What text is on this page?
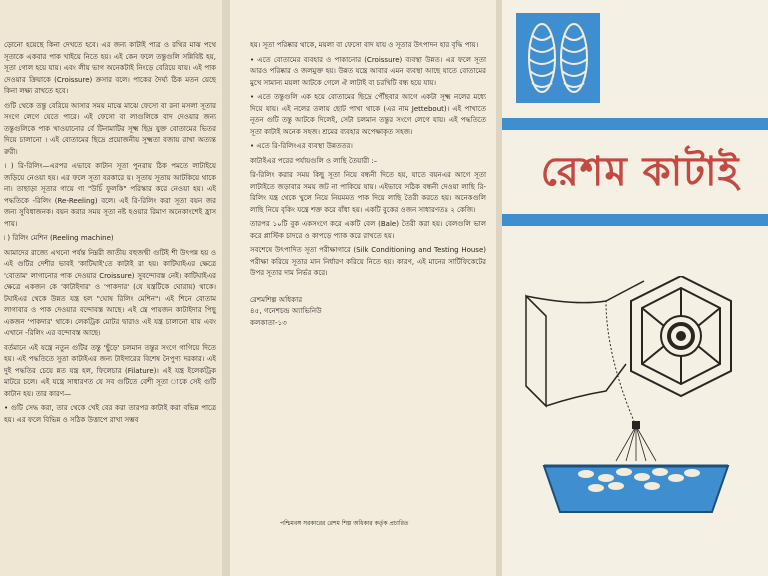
ড়োনো হয়েছে কিনা দেখতে হবে। এর জন্য কাটাই পাত্র ও রথির মাঝ পথে সূতাকে একবার পাক খাইয়ে নিতে হয়। এই কেন ফলে তন্তুগুলি সন্নিবিষ্ট হয়, সূতা গোল হয়ে যায়। এবং লীয় ভাগ অনেকটাই নিংড়ে বেরিয়ে যায়। এই পাক দেওয়ার ক্রিয়াকে (Croissure) ক্রসার বলে। পাকের দৈর্ঘ্য ঠিক মতন য়েছে কিনা লক্ষ্য রাখতে হবে।

গুটি থেকে তন্তু বেরিয়ে আসার সময় মাঝে মাঝে ফেসো বা রনা মসলা সূতার সংগে লেগে যেতে পারে। এই ফেসো বা লাগুলিকে বাদ দেওয়ার জন্য তন্তুগুলিকে পাক খাওয়ানোর র্বে টিনামাটির সূক্ষ্ম ছিদ্র যুক্ত বোতামের ভিতর দিয়ে চালানো । এই বোতামের ছিদ্রে প্রয়োজনীয় সূক্ষ্মতা বজায় রাখা অত্যন্ত রুরী।

। ) রি-রিলিং—এরপর এভাবে কাটান সূতা পুনরায় ঠিক পমতে লাটাইয়ে জড়িয়ে নেওয়া হয়। এর ফলে সূতা বরকারে য়। সূতায় সূতায় আটকিয়ে থাকে না। তাছাড়া সূতার গায়ে গা "উচিঁ ফুলকি" পরিস্কার করে নেওয়া হয়। এই পদ্ধতিকে -রিলিং (Re-Reeling) বলে। এই রি-রিলিং করা সূতা বয়ন জর জন্য সুবিধাজনক। বয়ন করার সময় সূতা নষ্ট হওয়ার রিমাণ অনেকাংশেই হ্রাস পায়।

৷ ) রিলিং মেশিন (Reeling machine)

আমাদের রাজ্যে এখনো পর্যন্ত নিম্নরী জাতীয় বহুজন্মী গুটিই শী উৎপন্ন হয় ও এই গুটির দেশীর ভাবই 'কাটিঘাই'তে কাটাই রা হয়। কাটিঘাইএর ক্ষেত্রে 'বোতাম' লাগানোর পাক দেওয়ার Croissure) সুবন্দোবস্ত নেই। কাটিঘাইএর ক্ষেত্রে একজন কে 'কাটাইদার' ও 'পাকদার' (যে যন্ত্রটিকে ঘোরায়) থাকে। টঘাইএর থেকে উন্নত যন্ত্র হল "ঘোষ রিলিং মেশিন"। এই শিনে বোতাম লাগাবার ও পাক দেওয়ার বন্দোবস্ত আছে। এই ন্ত্রে পায়জন কাটাইদার পিছু একজন 'পাকদার' থাকে। লেকট্রিক মোটর দ্বারাও এই যন্ত্র চালানো যায় এবং এখানে -রিলিং এর বন্দোবস্ত আছে।

বর্তমানে এই যন্ত্রে নতুন গুটির তন্তু 'ছুঁড়ে' চলমান তন্তুর সংগে গাগিয়ে দিতে হয়। এই পদ্ধতিতে সুতা কাটাইএর জন্য টাইদারের বিশেষ নৈপুণ্য দরকার। এই দুই পদ্ধতির চেয়ে ন্নত যন্ত্র হল, ফিলেচার (Filature)। এই যন্ত্র ইলেকট্রিক মাটরে চলে। এই যন্ত্রে সাধারণত যে সব গুটিতে বেশী সূতা াকে সেই গুটি কাটান হয়। তার কারণ—

• গুটি সেদ্ধ করা, তার থেকে খেই বের করা তারপর কাটাই করা বভিন্ন পাত্রে হয়। এর ফলে বিভিন্ন ও সঠিক উত্তাপে রাখা সম্ভব

হয়। সূতা পরিষ্কার থাকে, ময়লা বা ফেসো বাদ যায় ও সূতার উৎপাদন হার বৃদ্ধি পায়।

• এতে বোতামের ব্যবহার ও পাকানোর (Croissure) ব্যবস্থা উন্নত। এর ফলে সূতা আরও পরিষ্কার ও জলমুক্ত হয়। উন্নত যন্ত্রে আবার এমন ব্যবস্থা আছে যাতে বোতামের মুখে সামান্য ময়লা আটকে গেলে ঐ লাটাই বা চরখিটি বন্ধ হয়ে যায়।

• এতে তন্তুগুলি এক হয়ে বোতামের ছিদ্রে পৌঁছবার আগে একটা সূক্ষ্ম নলের মধ্যে দিয়ে যায়। এই নলের তলায় ছোট পাখা থাকে (এর নাম Jettebout)। এই পাখাতে নূতন গুটি তন্তু আটকে দিলেই, সেটা চলমান তন্তুর সংগে লেগে যায়। এই পদ্ধতিতে সূতা কাটাই অনেক সহজ। শ্রমের ব্যবহার অপেক্ষাকৃত সহজ।

• এতে রি-রিলিংএর ব্যবস্থা উন্নততর।

কাটাইএর পরের পর্যায়গুলি ও লাছি তৈয়ারী :–

রি-রিলিং করার সময় কিছু সূতা নিয়ে বন্ধনী দিতে হয়, যাতে বয়নএর আগে সূতা লাটাইতে জড়াবার সময় জট না পাকিয়ে যায়। এইভাবে সঠিক বন্ধনী দেওয়া লাছি রি-রিলিং যন্ত্র থেকে খুলে নিয়ে নিয়মমত পাক দিয়ে লাছি তৈরী করতে হয়। অনেকগুলি লাছি নিয়ে বৃকিং যন্ত্রে শক্ত করে বাঁধা হয়। একটি বুকের ওজন সাধারণতঃ ২ কেজি।

তারপর ১০টি বুক একসংগে করে একটি বেল (Bale) তৈরী করা হয়। বেলগুলি ভাল করে প্লাস্টিক চাদরে ও কাপড়ে প্যাক করে রাখতে হয়।

সবশেষে উৎপাদিত সূতা পরীক্ষাগারে (Silk Conditioning and Testing House) পরীক্ষা করিয়ে সূতার মান নির্ধারণ করিয়ে নিতে হয়। কারণ, এই মানের সার্টিফিকেটের উপর সূতার দাম নির্ভর করে।

রেশমশিল্প অধিকার
৪৫, গনেশচন্দ্র অ্যাভিনিউ
কলকাতা-১৩
পশ্চিমবঙ্গ সরকারের রেশম শিল্প অধিকার কর্তৃক প্রচারিত
রেশম কাটাই
